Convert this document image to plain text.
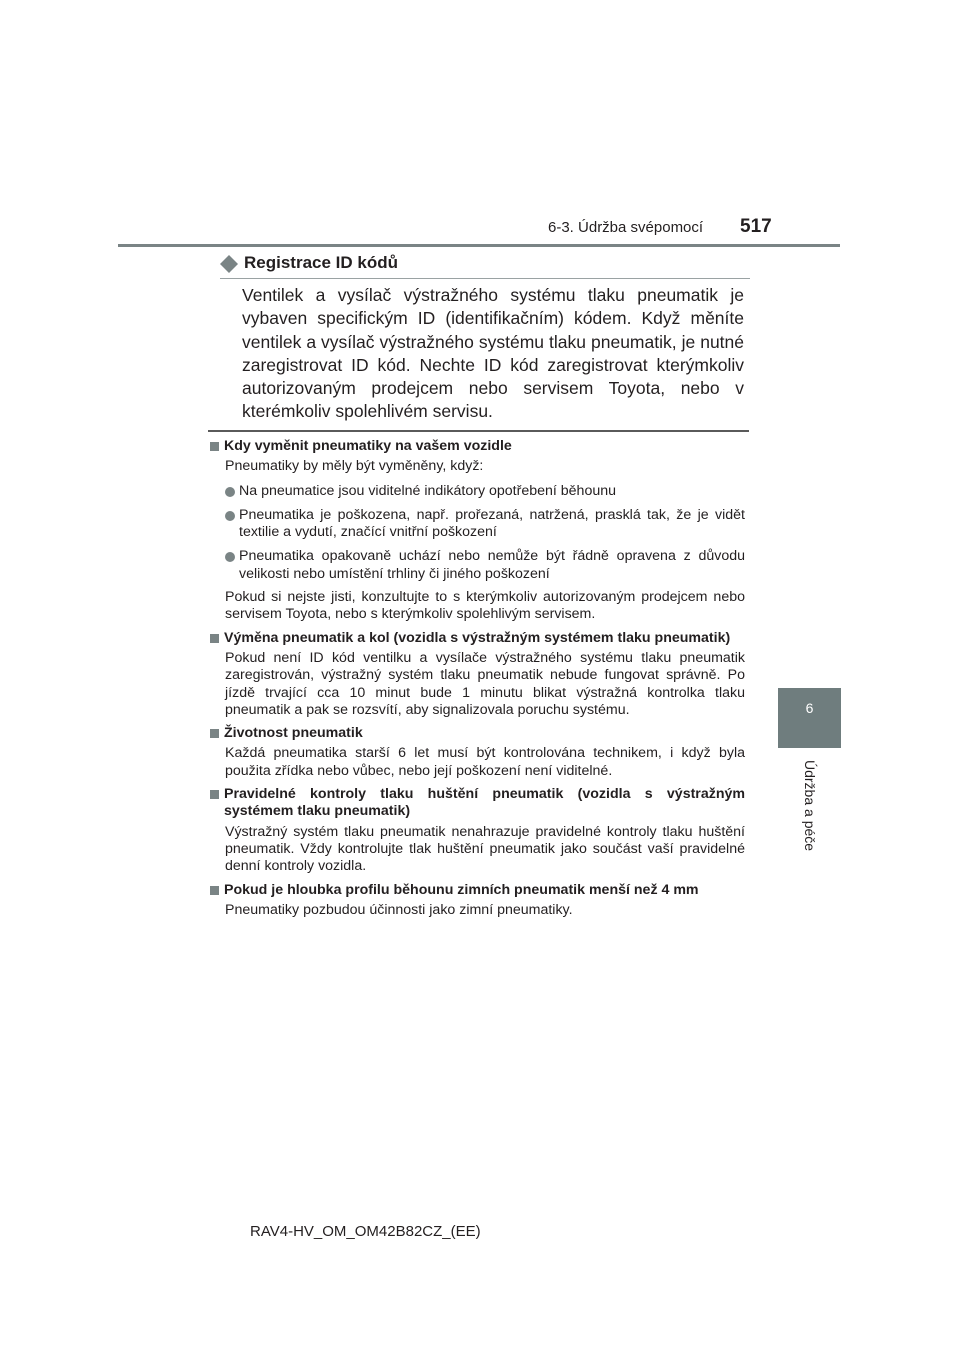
6-3. Údržba svépomocí 517
6
Údržba a péče
Registrace ID kódů
Ventilek a vysílač výstražného systému tlaku pneumatik je vybaven specifickým ID (identifikačním) kódem. Když měníte ventilek a vysílač výstražného systému tlaku pneumatik, je nutné zaregistrovat ID kód. Nechte ID kód zaregistrovat kterýmkoliv autorizovaným prodejcem nebo servisem Toyota, nebo v kterémkoliv spolehlivém servisu.
Kdy vyměnit pneumatiky na vašem vozidle
Pneumatiky by měly být vyměněny, když:
Na pneumatice jsou viditelné indikátory opotřebení běhounu
Pneumatika je poškozena, např. prořezaná, natržená, prasklá tak, že je vidět textilie a vydutí, značící vnitřní poškození
Pneumatika opakovaně uchází nebo nemůže být řádně opravena z důvodu velikosti nebo umístění trhliny či jiného poškození
Pokud si nejste jisti, konzultujte to s kterýmkoliv autorizovaným prodejcem nebo servisem Toyota, nebo s kterýmkoliv spolehlivým servisem.
Výměna pneumatik a kol (vozidla s výstražným systémem tlaku pneumatik)
Pokud není ID kód ventilku a vysílače výstražného systému tlaku pneumatik zaregistrován, výstražný systém tlaku pneumatik nebude fungovat správně. Po jízdě trvající cca 10 minut bude 1 minutu blikat výstražná kontrolka tlaku pneumatik a pak se rozsvítí, aby signalizovala poruchu systému.
Životnost pneumatik
Každá pneumatika starší 6 let musí být kontrolována technikem, i když byla použita zřídka nebo vůbec, nebo její poškození není viditelné.
Pravidelné kontroly tlaku huštění pneumatik (vozidla s výstražným systémem tlaku pneumatik)
Výstražný systém tlaku pneumatik nenahrazuje pravidelné kontroly tlaku huštění pneumatik. Vždy kontrolujte tlak huštění pneumatik jako součást vaší pravidelné denní kontroly vozidla.
Pokud je hloubka profilu běhounu zimních pneumatik menší než 4 mm
Pneumatiky pozbudou účinnosti jako zimní pneumatiky.
RAV4-HV_OM_OM42B82CZ_(EE)
